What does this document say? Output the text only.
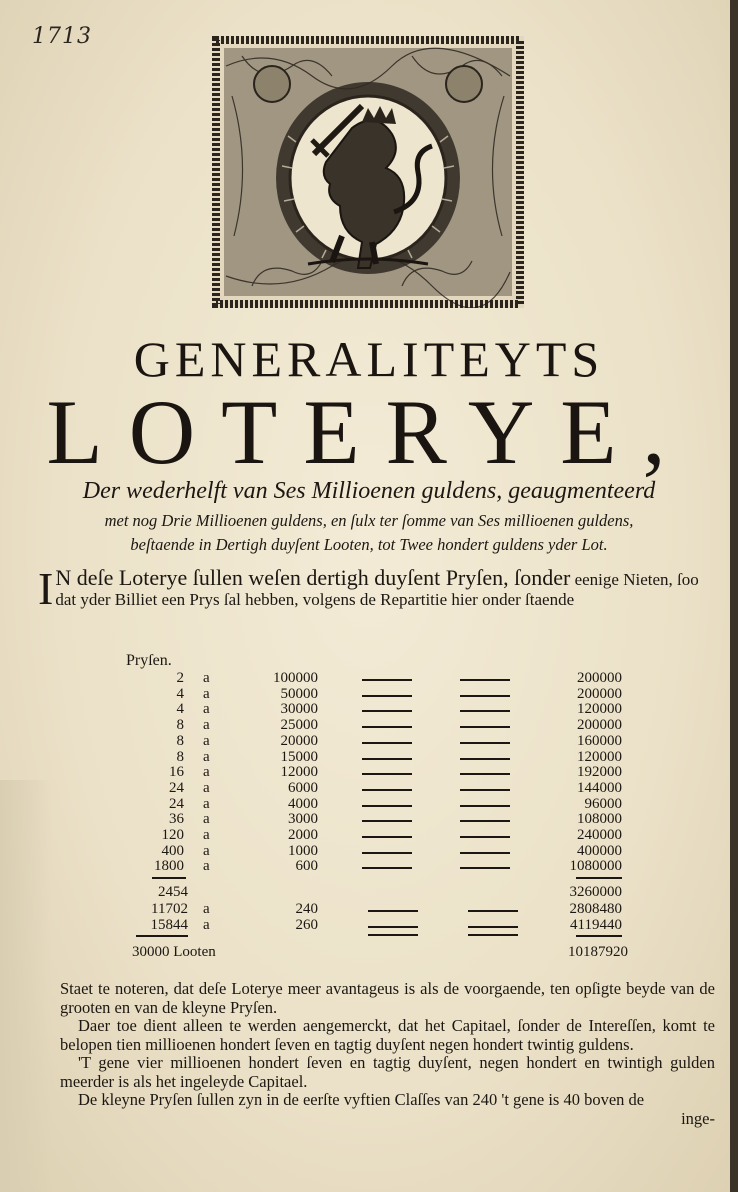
1713
GENERALITEYTS
LOTERYE,
Der wederhelft van Ses Millioenen guldens, geaugmenteerd
met nog Drie Millioenen guldens, en ſulx ter ſomme van Ses millioenen guldens,
beſtaende in Dertigh duyſent Looten, tot Twee hondert guldens yder Lot.
I N deſe Loterye ſullen weſen dertigh duyſent Pryſen, ſonder eenige Nieten, ſoo dat yder Billiet een Prys ſal hebben, volgens de Repartitie hier onder ſtaende
Pryſen.
2 a	100000	200000
4 a	50000	200000
4 a	30000	120000
8 a	25000	200000
8 a	20000	160000
8 a	15000	120000
16 a	12000	192000
24 a	6000	144000
24 a	4000	96000
36 a	3000	108000
120 a	2000	240000
400 a	1000	400000
1800 a	600	1080000
2454	3260000
11702 a	240	2808480
15844 a	260	4119440
30000 Looten	10187920

Staet te noteren, dat deſe Loterye meer avantageus is als de voorgaende, ten opſigte beyde van de grooten en van de kleyne Pryſen.

Daer toe dient alleen te werden aengemerckt, dat het Capitael, ſonder de Intereſſen, komt te belopen tien millioenen hondert ſeven en tagtig duyſent negen hondert twintig guldens.

'T gene vier millioenen hondert ſeven en tagtig duyſent, negen hondert en twintigh gulden meerder is als het ingeleyde Capitael.

De kleyne Pryſen ſullen zyn in de eerſte vyftien Claſſes van 240 't gene is 40 boven de

inge-
